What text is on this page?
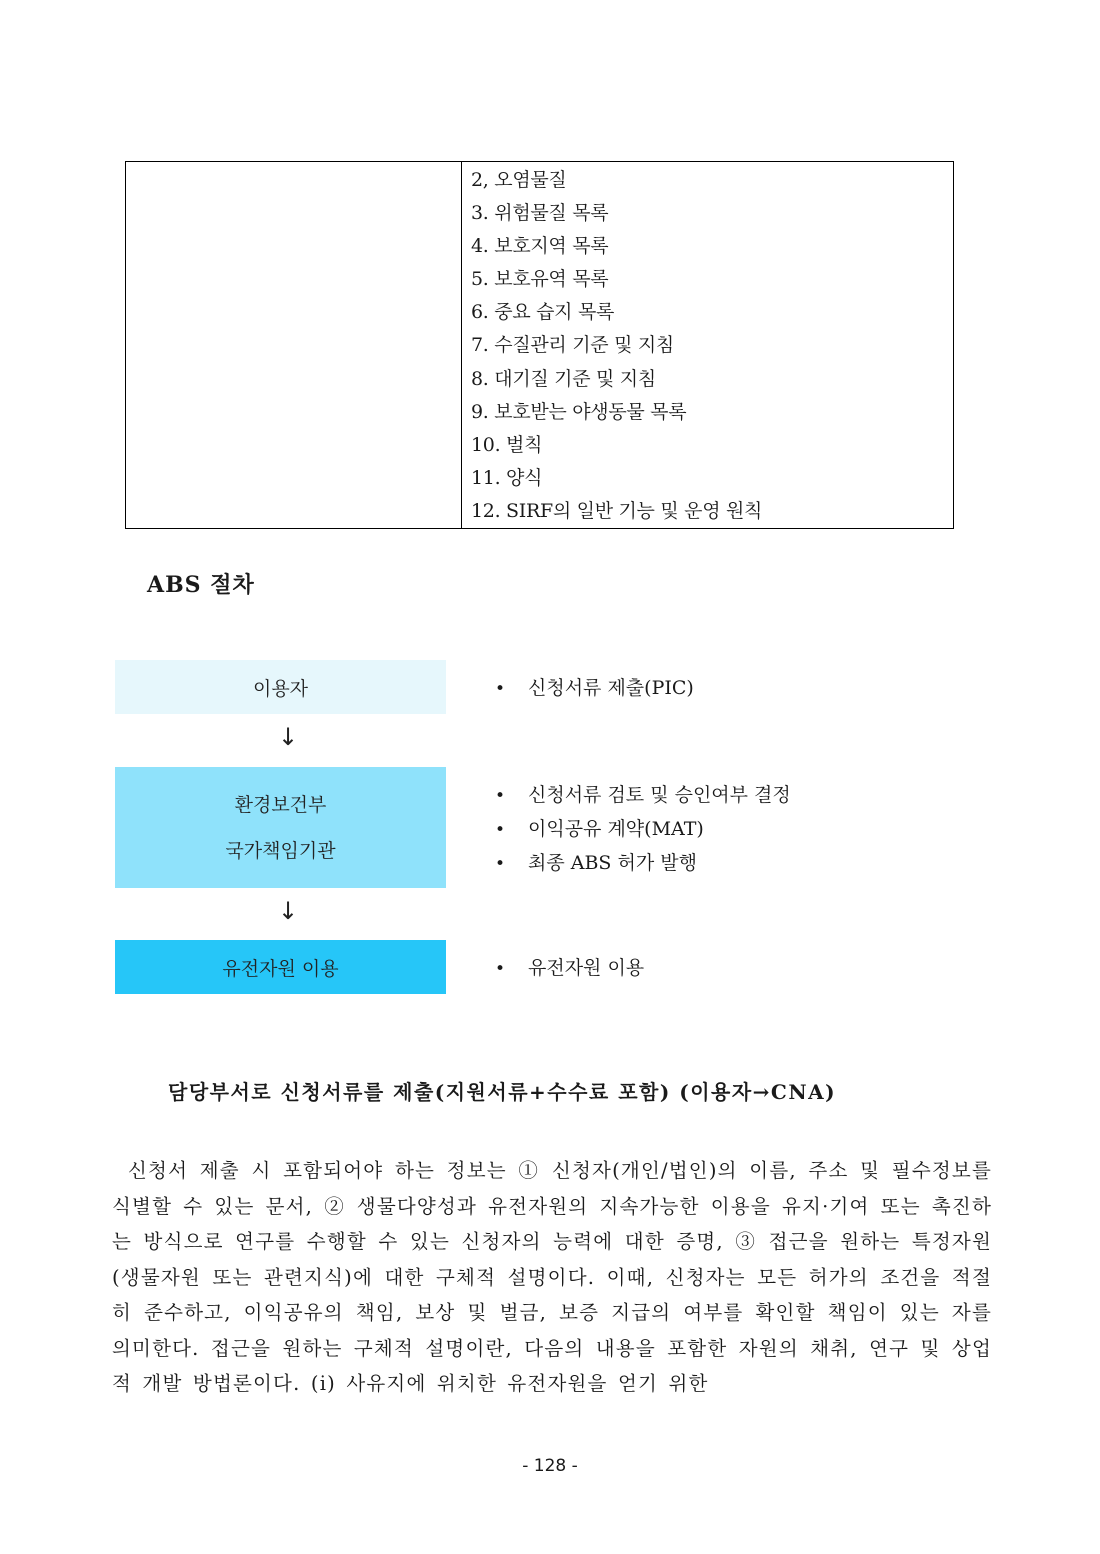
2, 오염물질
3. 위험물질 목록
4. 보호지역 목록
5. 보호유역 목록
6. 중요 습지 목록
7. 수질관리 기준 및 지침
8. 대기질 기준 및 지침
9. 보호받는 야생동물 목록
10. 벌칙
11. 양식
12. SIRF의 일반 기능 및 운영 원칙
ABS 절차
이용자
↓
환경보건부
국가책임기관
↓
유전자원 이용
• 신청서류 제출(PIC)
• 신청서류 검토 및 승인여부 결정
• 이익공유 계약(MAT)
• 최종 ABS 허가 발행
• 유전자원 이용
담당부서로 신청서류를 제출(지원서류+수수료 포함) (이용자→CNA)

신청서 제출 시 포함되어야 하는 정보는 ① 신청자(개인/법인)의 이름, 주소 및 필수정보를 식별할 수 있는 문서, ② 생물다양성과 유전자원의 지속가능한 이용을 유지·기여 또는 촉진하는 방식으로 연구를 수행할 수 있는 신청자의 능력에 대한 증명, ③ 접근을 원하는 특정자원(생물자원 또는 관련지식)에 대한 구체적 설명이다. 이때, 신청자는 모든 허가의 조건을 적절히 준수하고, 이익공유의 책임, 보상 및 벌금, 보증 지급의 여부를 확인할 책임이 있는 자를 의미한다. 접근을 원하는 구체적 설명이란, 다음의 내용을 포함한 자원의 채취, 연구 및 상업적 개발 방법론이다. (ⅰ) 사유지에 위치한 유전자원을 얻기 위한

- 128 -
